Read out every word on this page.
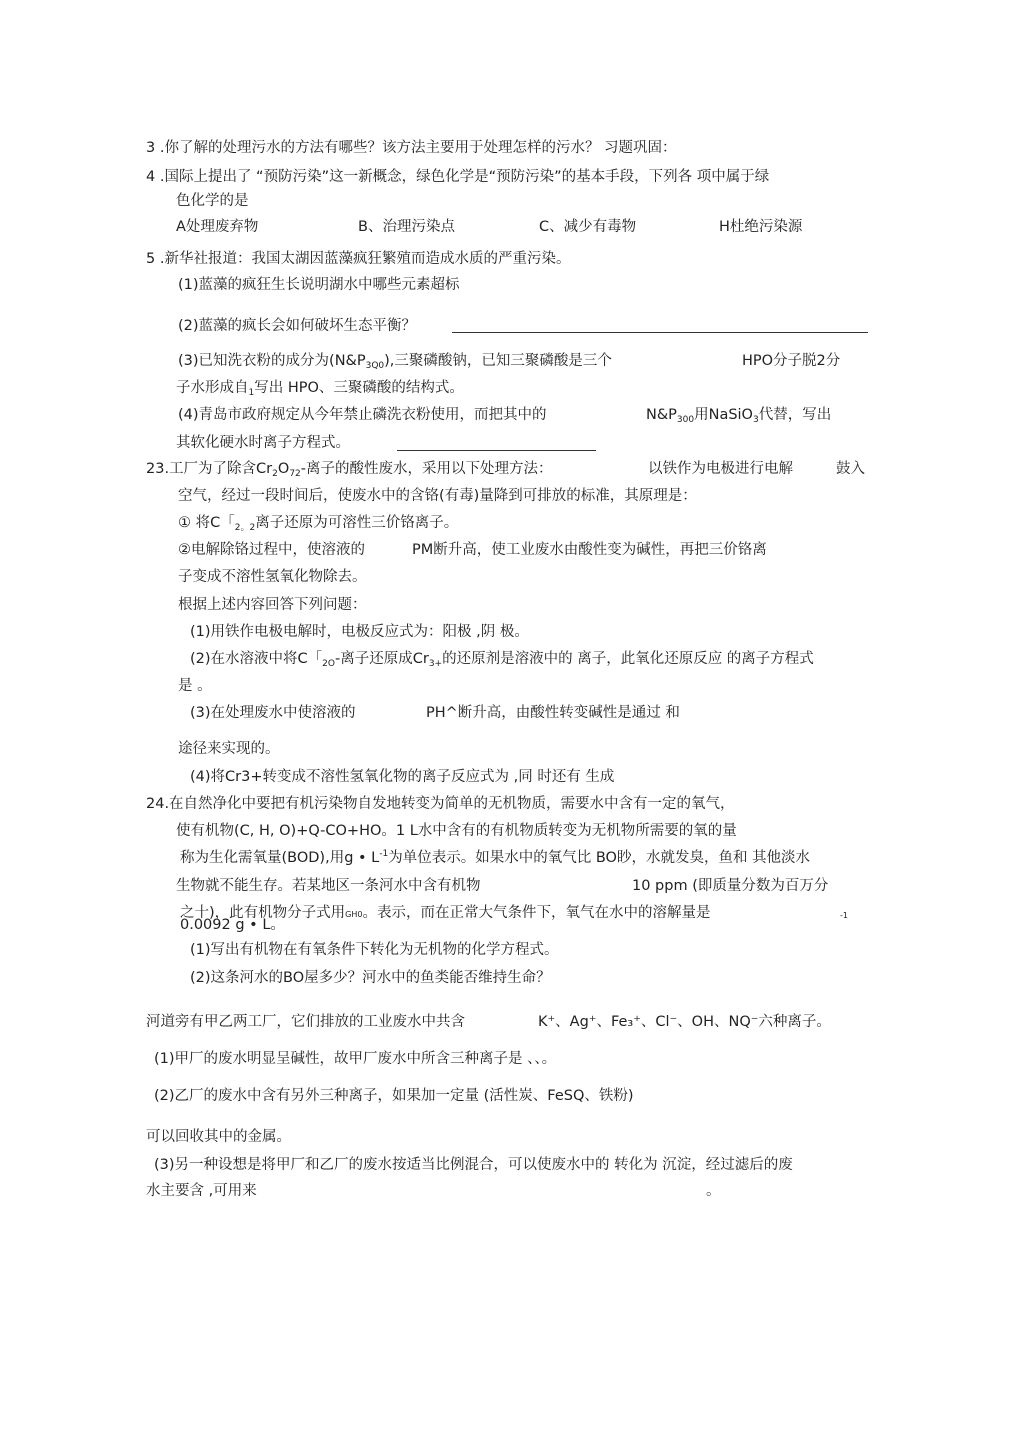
3 .你了解的处理污水的方法有哪些？该方法主要用于处理怎样的污水？ 习题巩固：
4 .国际上提出了 “预防污染”这一新概念，绿色化学是“预防污染”的基本手段，下列各 项中属于绿
色化学的是
A处理废弃物	B、治理污染点	C、减少有毒物	H杜绝污染源
5 .新华社报道：我国太湖因蓝藻疯狂繁殖而造成水质的严重污染。
(1)蓝藻的疯狂生长说明湖水中哪些元素超标
(2)蓝藻的疯长会如何破坏生态平衡？
(3)已知洗衣粉的成分为$(N\&P_{3Q0})$,三聚磷酸钠，已知三聚磷酸是三个	HPO分子脱2分
子水形成自$_1$写出 HPO、三聚磷酸的结构式。
(4)青岛市政府规定从今年禁止磷洗衣粉使用，而把其中的	$N\&P_{300}$用NaSiO$_3$代替，写出
其软化硬水时离子方程式。
23.工厂为了除含$Cr_2O_{72}-$离子的酸性废水，采用以下处理方法：	以铁作为电极进行电解	鼓入
空气，经过一段时间后，使废水中的含铬(有毒)量降到可排放的标准，其原理是：
① 将C「$_{2。2}$离子还原为可溶性三价铬离子。
②电解除铬过程中，使溶液的	PM断升高，使工业废水由酸性变为碱性，再把三价铬离
子变成不溶性氢氧化物除去。
根据上述内容回答下列问题：
(1)用铁作电极电解时，电极反应式为：阳极 ,阴 极。
(2)在水溶液中将C「$_{2O}$-离子还原成$Cr_{3+}$的还原剂是溶液中的 离子，此氧化还原反应 的离子方程式
是 。
(3)在处理废水中使溶液的	PH^断升高，由酸性转变碱性是通过 和
途径来实现的。
(4)将Cr3+转变成不溶性氢氧化物的离子反应式为 ,同 时还有 生成
24.在自然净化中要把有机污染物自发地转变为简单的无机物质，需要水中含有一定的氧气，
使有机物(C, H, O)+Q-CO+HO。1 L水中含有的有机物质转变为无机物所需要的氧的量
称为生化需氧量(BOD),用g • $L^{-1}$为单位表示。如果水中的氧气比 BO眇，水就发臭，鱼和 其他淡水
生物就不能生存。若某地区一条河水中含有机物	10 ppm (即质量分数为百万分
之十)，此有机物分子式用GH0。表示，而在正常大气条件下，氧气在水中的溶解量是	-1
0.0092 g • L。
(1)写出有机物在有氧条件下转化为无机物的化学方程式。
(2)这条河水的BO屋多少？河水中的鱼类能否维持生命？
河道旁有甲乙两工厂，它们排放的工业废水中共含	K⁺、Ag⁺、Fe₃⁺、Cl⁻、OH、NQ⁻六种离子。
(1)甲厂的废水明显呈碱性，故甲厂废水中所含三种离子是 、、。
(2)乙厂的废水中含有另外三种离子，如果加一定量 (活性炭、FeSQ、铁粉)
可以回收其中的金属。
(3)另一种设想是将甲厂和乙厂的废水按适当比例混合，可以使废水中的 转化为 沉淀，经过滤后的废
水主要含 ,可用来	。
